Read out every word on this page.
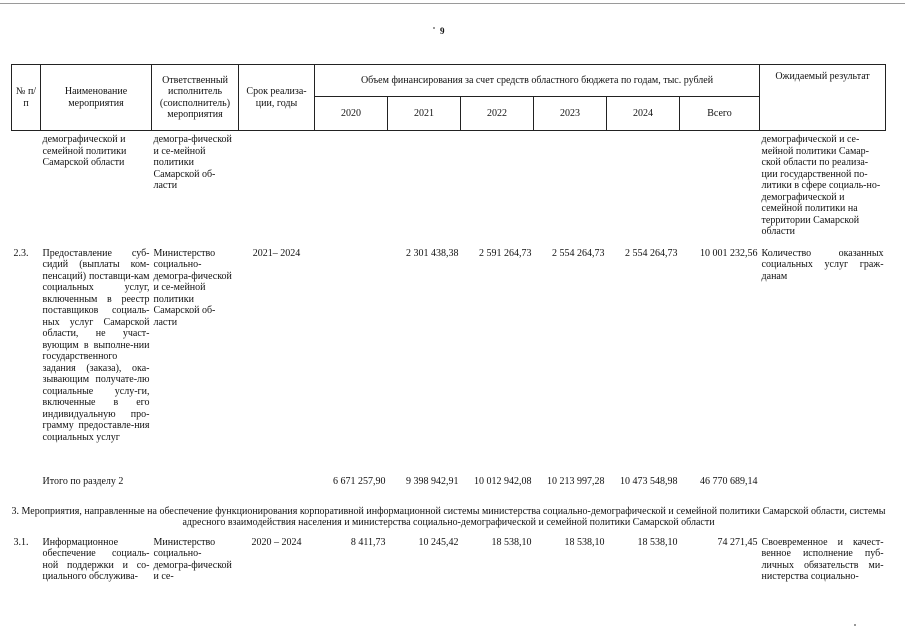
9
№ п/п	Наименование мероприятия	Ответственный исполнитель (соисполнитель) мероприятия	Срок реализа-ции, годы	Объем финансирования за счет средств областного бюджета по годам, тыс. рублей						Ожидаемый результат
				2020	2021	2022	2023	2024	Всего	
	демографической и семейной политики Самарской области	демогра-фической и се-мейной политики Самарской об-ласти								демографической и се-мейной политики Самар-ской области по реализа-ции государственной по-литики в сфере социаль-но-демографической и семейной политики на территории Самарской области
2.3.	Предоставление суб-сидий (выплаты ком-пенсаций) поставщи-кам социальных услуг, включенным в реестр поставщиков социаль-ных услуг Самарской области, не участ-вующим в выполне-нии государственного задания (заказа), ока-зывающим получате-лю социальные услу-ги, включенные в его индивидуальную про-грамму предоставле-ния социальных услуг	Министерство социально-демогра-фической и се-мейной политики Самарской об-ласти	2021– 2024		2 301 438,38	2 591 264,73	2 554 264,73	2 554 264,73	10 001 232,56	Количество оказанных социальных услуг граж-данам
	Итого по разделу 2			6 671 257,90	9 398 942,91	10 012 942,08	10 213 997,28	10 473 548,98	46 770 689,14	
3. Мероприятия, направленные на обеспечение функционирования корпоративной информационной системы министерства социально-демографической и семейной политики Самарской области, системы адресного взаимодействия населения и министерства социально-демографической и семейной политики Самарской области										
3.1.	Информационное обеспечение социаль-ной поддержки и со-циального обслужива-	Министерство социально-демогра-фической и се-	2020 – 2024	8 411,73	10 245,42	18 538,10	18 538,10	18 538,10	74 271,45	Своевременное и качест-венное исполнение пуб-личных обязательств ми-нистерства социально-
